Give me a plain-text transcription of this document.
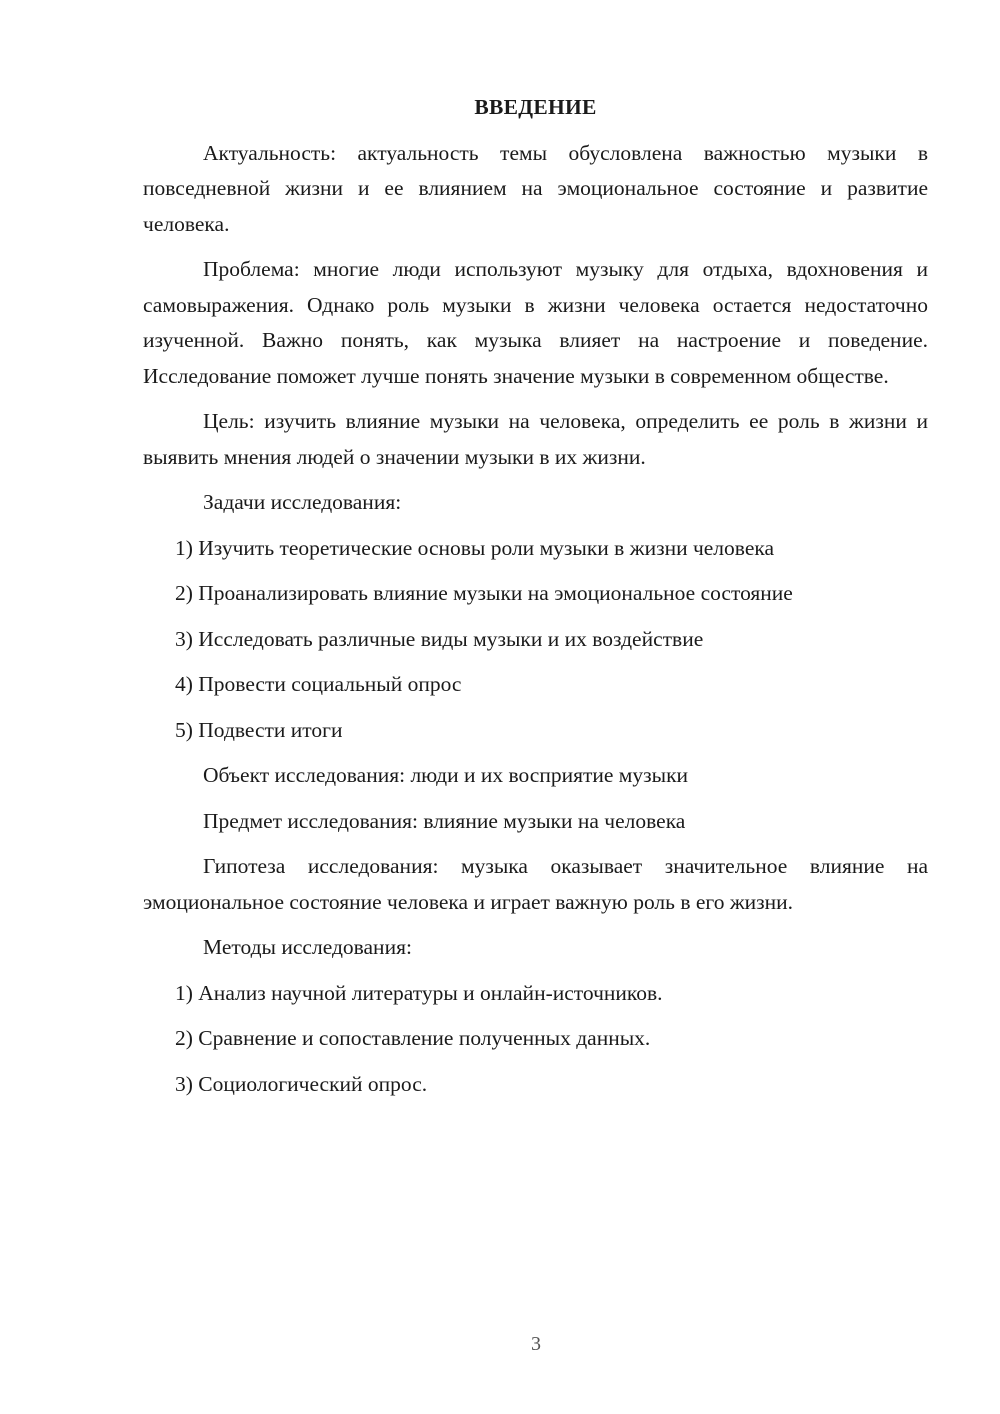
ВВЕДЕНИЕ

Актуальность: актуальность темы обусловлена важностью музыки в повседневной жизни и ее влиянием на эмоциональное состояние и развитие человека.

Проблема: многие люди используют музыку для отдыха, вдохновения и самовыражения. Однако роль музыки в жизни человека остается недостаточно изученной. Важно понять, как музыка влияет на настроение и поведение. Исследование поможет лучше понять значение музыки в современном обществе.

Цель: изучить влияние музыки на человека, определить ее роль в жизни и выявить мнения людей о значении музыки в их жизни.

Задачи исследования:

1) Изучить теоретические основы роли музыки в жизни человека
2) Проанализировать влияние музыки на эмоциональное состояние
3) Исследовать различные виды музыки и их воздействие
4) Провести социальный опрос
5) Подвести итоги

Объект исследования: люди и их восприятие музыки

Предмет исследования: влияние музыки на человека

Гипотеза исследования: музыка оказывает значительное влияние на эмоциональное состояние человека и играет важную роль в его жизни.

Методы исследования:

1) Анализ научной литературы и онлайн-источников.
2) Сравнение и сопоставление полученных данных.
3) Социологический опрос.
3
